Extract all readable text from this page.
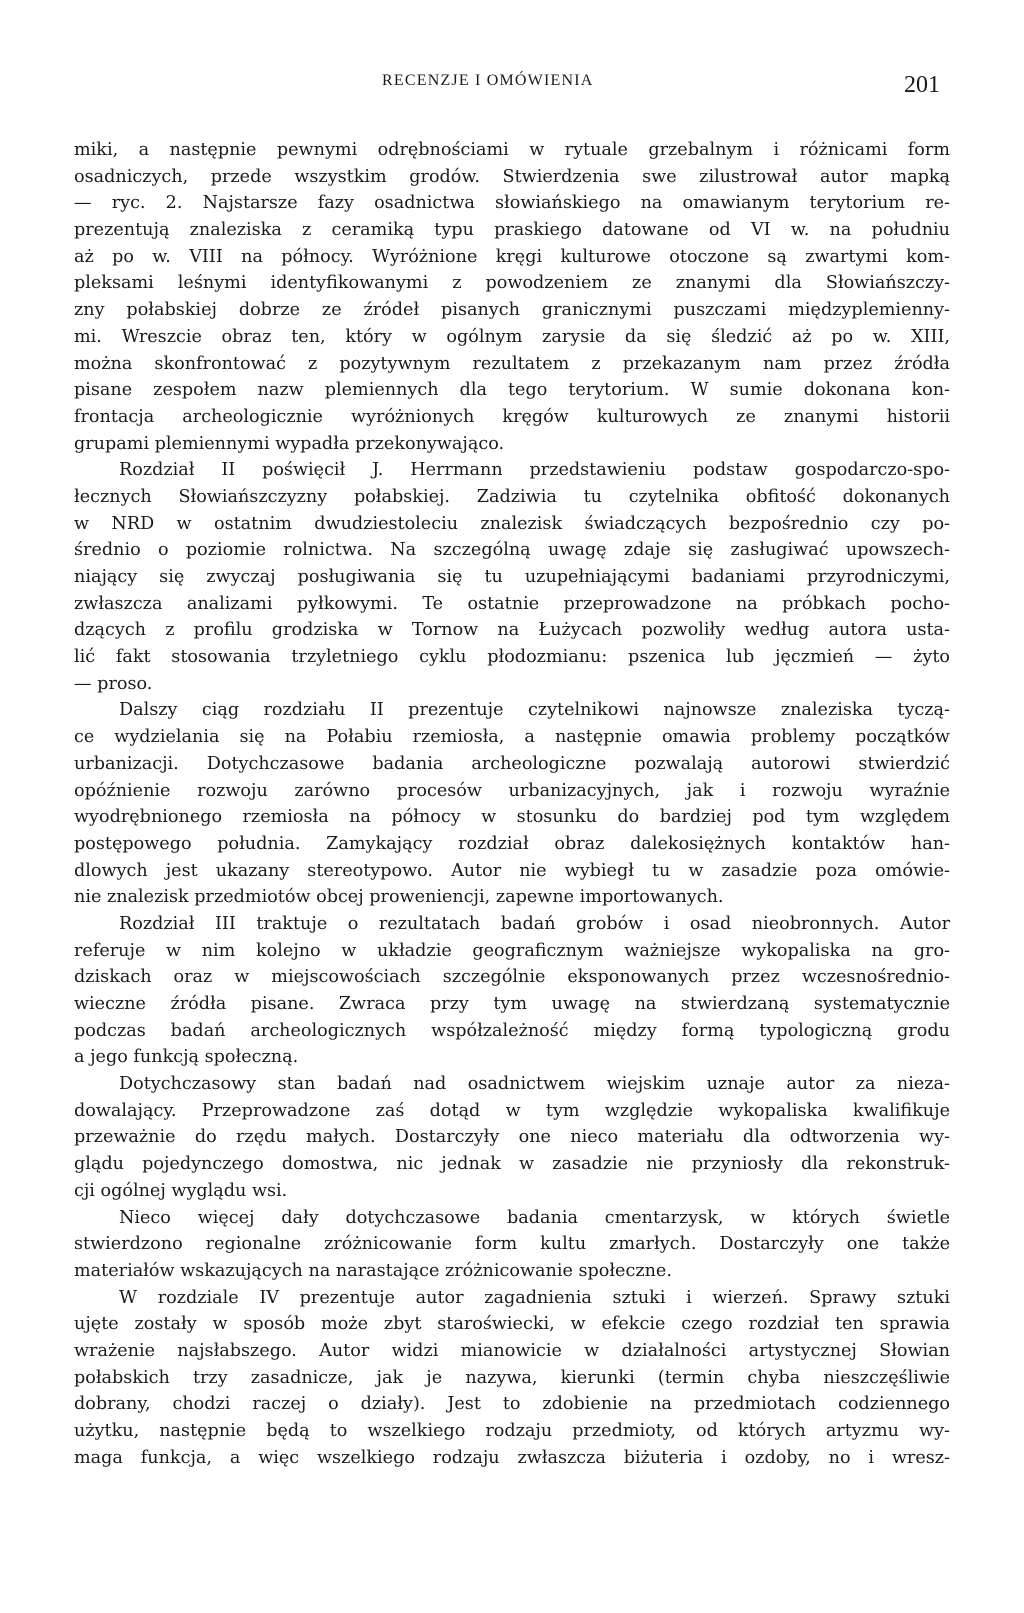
RECENZJE I OMÓWIENIA	201
miki, a następnie pewnymi odrębnościami w rytuale grzebalnym i różnicami form
osadniczych, przede wszystkim grodów. Stwierdzenia swe zilustrował autor mapką
— ryc. 2. Najstarsze fazy osadnictwa słowiańskiego na omawianym terytorium re-
prezentują znaleziska z ceramiką typu praskiego datowane od VI w. na południu
aż po w. VIII na północy. Wyróżnione kręgi kulturowe otoczone są zwartymi kom-
pleksami leśnymi identyfikowanymi z powodzeniem ze znanymi dla Słowiańszczy-
zny połabskiej dobrze ze źródeł pisanych granicznymi puszczami międzyplemienny-
mi. Wreszcie obraz ten, który w ogólnym zarysie da się śledzić aż po w. XIII,
można skonfrontować z pozytywnym rezultatem z przekazanym nam przez źródła
pisane zespołem nazw plemiennych dla tego terytorium. W sumie dokonana kon-
frontacja archeologicznie wyróżnionych kręgów kulturowych ze znanymi historii
grupami plemiennymi wypadła przekonywająco.
Rozdział II poświęcił J. Herrmann przedstawieniu podstaw gospodarczo-spo-
łecznych Słowiańszczyzny połabskiej. Zadziwia tu czytelnika obfitość dokonanych
w NRD w ostatnim dwudziestoleciu znalezisk świadczących bezpośrednio czy po-
średnio o poziomie rolnictwa. Na szczególną uwagę zdaje się zasługiwać upowszech-
niający się zwyczaj posługiwania się tu uzupełniającymi badaniami przyrodniczymi,
zwłaszcza analizami pyłkowymi. Te ostatnie przeprowadzone na próbkach pocho-
dzących z profilu grodziska w Tornow na Łużycach pozwoliły według autora usta-
lić fakt stosowania trzyletniego cyklu płodozmianu: pszenica lub jęczmień — żyto
— proso.
Dalszy ciąg rozdziału II prezentuje czytelnikowi najnowsze znaleziska tyczą-
ce wydzielania się na Połabiu rzemiosła, a następnie omawia problemy początków
urbanizacji. Dotychczasowe badania archeologiczne pozwalają autorowi stwierdzić
opóźnienie rozwoju zarówno procesów urbanizacyjnych, jak i rozwoju wyraźnie
wyodrębnionego rzemiosła na północy w stosunku do bardziej pod tym względem
postępowego południa. Zamykający rozdział obraz dalekosiężnych kontaktów han-
dlowych jest ukazany stereotypowo. Autor nie wybiegł tu w zasadzie poza omówie-
nie znalezisk przedmiotów obcej proweniencji, zapewne importowanych.
Rozdział III traktuje o rezultatach badań grobów i osad nieobronnych. Autor
referuje w nim kolejno w układzie geograficznym ważniejsze wykopaliska na gro-
dziskach oraz w miejscowościach szczególnie eksponowanych przez wczesnośrednio-
wieczne źródła pisane. Zwraca przy tym uwagę na stwierdzaną systematycznie
podczas badań archeologicznych współzależność między formą typologiczną grodu
a jego funkcją społeczną.
Dotychczasowy stan badań nad osadnictwem wiejskim uznaje autor za nieza-
dowalający. Przeprowadzone zaś dotąd w tym względzie wykopaliska kwalifikuje
przeważnie do rzędu małych. Dostarczyły one nieco materiału dla odtworzenia wy-
glądu pojedynczego domostwa, nic jednak w zasadzie nie przyniosły dla rekonstruk-
cji ogólnej wyglądu wsi.
Nieco więcej dały dotychczasowe badania cmentarzysk, w których świetle
stwierdzono regionalne zróżnicowanie form kultu zmarłych. Dostarczyły one także
materiałów wskazujących na narastające zróżnicowanie społeczne.
W rozdziale IV prezentuje autor zagadnienia sztuki i wierzeń. Sprawy sztuki
ujęte zostały w sposób może zbyt staroświecki, w efekcie czego rozdział ten sprawia
wrażenie najsłabszego. Autor widzi mianowicie w działalności artystycznej Słowian
połabskich trzy zasadnicze, jak je nazywa, kierunki (termin chyba nieszczęśliwie
dobrany, chodzi raczej o działy). Jest to zdobienie na przedmiotach codziennego
użytku, następnie będą to wszelkiego rodzaju przedmioty, od których artyzmu wy-
maga funkcja, a więc wszelkiego rodzaju zwłaszcza biżuteria i ozdoby, no i wresz-
